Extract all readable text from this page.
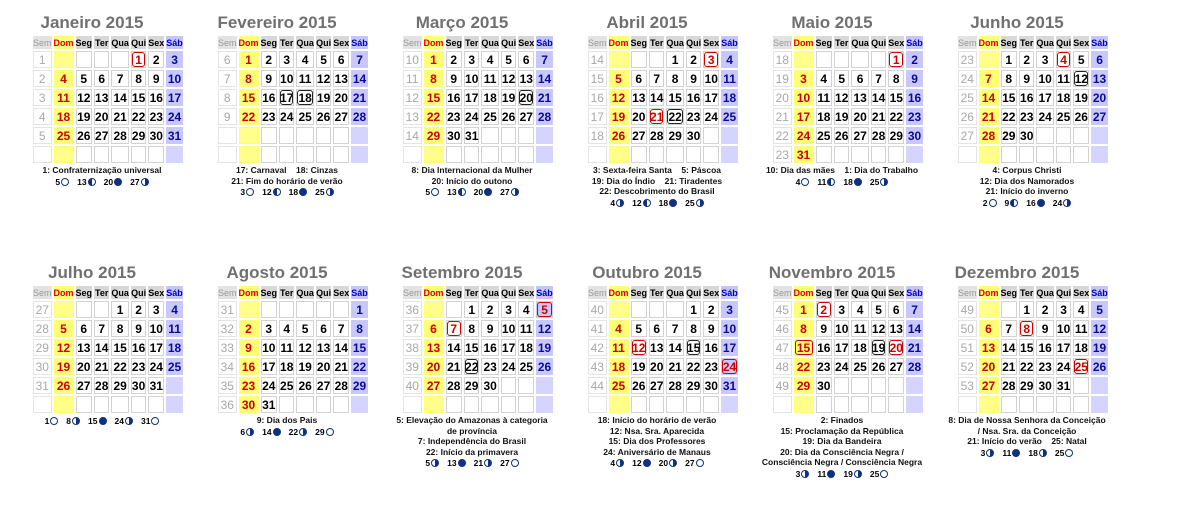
Janeiro 2015
Sem	Dom	Seg	Ter	Qua	Qui	Sex	Sáb
1					1	2	3
2	4	5	6	7	8	9	10
3	11	12	13	14	15	16	17
4	18	19	20	21	22	23	24
5	25	26	27	28	29	30	31

1: Confraternização universal
5 13 20 27
Fevereiro 2015
Sem	Dom	Seg	Ter	Qua	Qui	Sex	Sáb
6	1	2	3	4	5	6	7
7	8	9	10	11	12	13	14
8	15	16	17	18	19	20	21
9	22	23	24	25	26	27	28

17: Carnaval    18: Cinzas
21: Fim do horário de verão
3 12 18 25
Março 2015
Sem	Dom	Seg	Ter	Qua	Qui	Sex	Sáb
10	1	2	3	4	5	6	7
11	8	9	10	11	12	13	14
12	15	16	17	18	19	20	21
13	22	23	24	25	26	27	28
14	29	30	31				

8: Dia Internacional da Mulher
20: Início do outono
5 13 20 27
Abril 2015
Sem	Dom	Seg	Ter	Qua	Qui	Sex	Sáb
14				1	2	3	4
15	5	6	7	8	9	10	11
16	12	13	14	15	16	17	18
17	19	20	21	22	23	24	25
18	26	27	28	29	30		

3: Sexta-feira Santa    5: Páscoa
19: Dia do Índio    21: Tiradentes
22: Descobrimento do Brasil
4 12 18 25
Maio 2015
Sem	Dom	Seg	Ter	Qua	Qui	Sex	Sáb
18						1	2
19	3	4	5	6	7	8	9
20	10	11	12	13	14	15	16
21	17	18	19	20	21	22	23
22	24	25	26	27	28	29	30
23	31						
10: Dia das mães    1: Dia do Trabalho
4 11 18 25
Junho 2015
Sem	Dom	Seg	Ter	Qua	Qui	Sex	Sáb
23		1	2	3	4	5	6
24	7	8	9	10	11	12	13
25	14	15	16	17	18	19	20
26	21	22	23	24	25	26	27
27	28	29	30				

4: Corpus Christi
12: Dia dos Namorados
21: Início do inverno
2 9 16 24
Julho 2015
Sem	Dom	Seg	Ter	Qua	Qui	Sex	Sáb
27				1	2	3	4
28	5	6	7	8	9	10	11
29	12	13	14	15	16	17	18
30	19	20	21	22	23	24	25
31	26	27	28	29	30	31	

1 8 15 24 31
Agosto 2015
Sem	Dom	Seg	Ter	Qua	Qui	Sex	Sáb
31							1
32	2	3	4	5	6	7	8
33	9	10	11	12	13	14	15
34	16	17	18	19	20	21	22
35	23	24	25	26	27	28	29
36	30	31					
9: Dia dos Pais
6 14 22 29
Setembro 2015
Sem	Dom	Seg	Ter	Qua	Qui	Sex	Sáb
36			1	2	3	4	5
37	6	7	8	9	10	11	12
38	13	14	15	16	17	18	19
39	20	21	22	23	24	25	26
40	27	28	29	30			

5: Elevação do Amazonas à categoria
de província
7: Independência do Brasil
22: Início da primavera
5 13 21 27
Outubro 2015
Sem	Dom	Seg	Ter	Qua	Qui	Sex	Sáb
40					1	2	3
41	4	5	6	7	8	9	10
42	11	12	13	14	15	16	17
43	18	19	20	21	22	23	24
44	25	26	27	28	29	30	31

18: Início do horário de verão
12: Nsa. Sra. Aparecida
15: Dia dos Professores
24: Aniversário de Manaus
4 12 20 27
Novembro 2015
Sem	Dom	Seg	Ter	Qua	Qui	Sex	Sáb
45	1	2	3	4	5	6	7
46	8	9	10	11	12	13	14
47	15	16	17	18	19	20	21
48	22	23	24	25	26	27	28
49	29	30					

2: Finados
15: Proclamação da República
19: Dia da Bandeira
20: Dia da Consciência Negra /
Consciência Negra / Consciência Negra
3 11 19 25
Dezembro 2015
Sem	Dom	Seg	Ter	Qua	Qui	Sex	Sáb
49			1	2	3	4	5
50	6	7	8	9	10	11	12
51	13	14	15	16	17	18	19
52	20	21	22	23	24	25	26
53	27	28	29	30	31		

8: Dia de Nossa Senhora da Conceição
/ Nsa. Sra. da Conceição
21: Início do verão    25: Natal
3 11 18 25
